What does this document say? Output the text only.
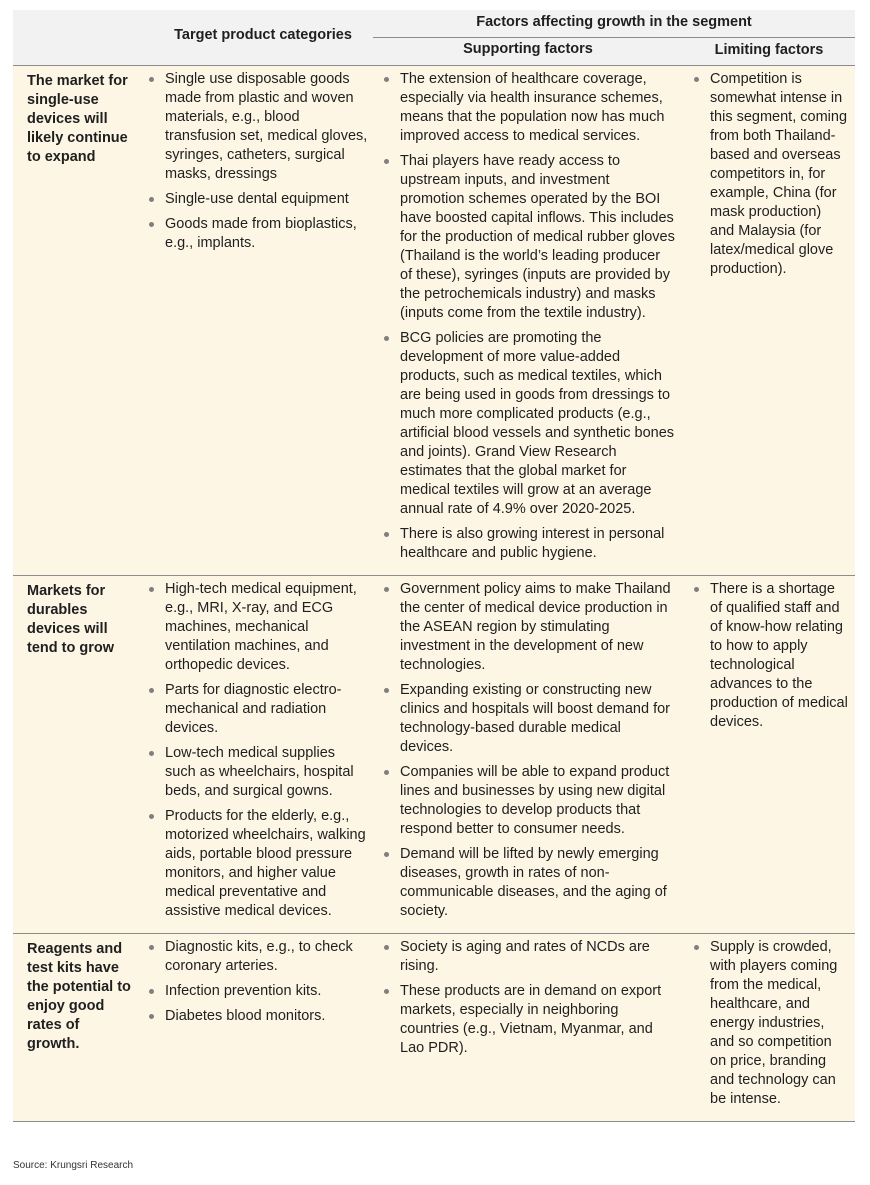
Target product categories
Factors affecting growth in the segment
Supporting factors	Limiting factors
The market for single-use devices will likely continue to expand
Single use disposable goods made from plastic and woven materials, e.g., blood transfusion set, medical gloves, syringes, catheters, surgical masks, dressings
Single-use dental equipment
Goods made from bioplastics, e.g., implants.
The extension of healthcare coverage, especially via health insurance schemes, means that the population now has much improved access to medical services.
Thai players have ready access to upstream inputs, and investment promotion schemes operated by the BOI have boosted capital inflows. This includes for the production of medical rubber gloves (Thailand is the world’s leading producer of these), syringes (inputs are provided by the petrochemicals industry) and masks (inputs come from the textile industry).
BCG policies are promoting the development of more value-added products, such as medical textiles, which are being used in goods from dressings to much more complicated products (e.g., artificial blood vessels and synthetic bones and joints). Grand View Research estimates that the global market for medical textiles will grow at an average annual rate of 4.9% over 2020-2025.
There is also growing interest in personal healthcare and public hygiene.
Competition is somewhat intense in this segment, coming from both Thailand-based and overseas competitors in, for example, China (for mask production) and Malaysia (for latex/medical glove production).
Markets for durables devices will tend to grow
High-tech medical equipment, e.g., MRI, X-ray, and ECG machines, mechanical ventilation machines, and orthopedic devices.
Parts for diagnostic electro-mechanical and radiation devices.
Low-tech medical supplies such as wheelchairs, hospital beds, and surgical gowns.
Products for the elderly, e.g., motorized wheelchairs, walking aids, portable blood pressure monitors, and higher value medical preventative and assistive medical devices.
Government policy aims to make Thailand the center of medical device production in the ASEAN region by stimulating investment in the development of new technologies.
Expanding existing or constructing new clinics and hospitals will boost demand for technology-based durable medical devices.
Companies will be able to expand product lines and businesses by using new digital technologies to develop products that respond better to consumer needs.
Demand will be lifted by newly emerging diseases, growth in rates of non-communicable diseases, and the aging of society.
There is a shortage of qualified staff and of know-how relating to how to apply technological advances to the production of medical devices.
Reagents and test kits have the potential to enjoy good rates of growth.
Diagnostic kits, e.g., to check coronary arteries.
Infection prevention kits.
Diabetes blood monitors.
Society is aging and rates of NCDs are rising.
These products are in demand on export markets, especially in neighboring countries (e.g., Vietnam, Myanmar, and Lao PDR).
Supply is crowded, with players coming from the medical, healthcare, and energy industries, and so competition on price, branding and technology can be intense.
Source: Krungsri Research
